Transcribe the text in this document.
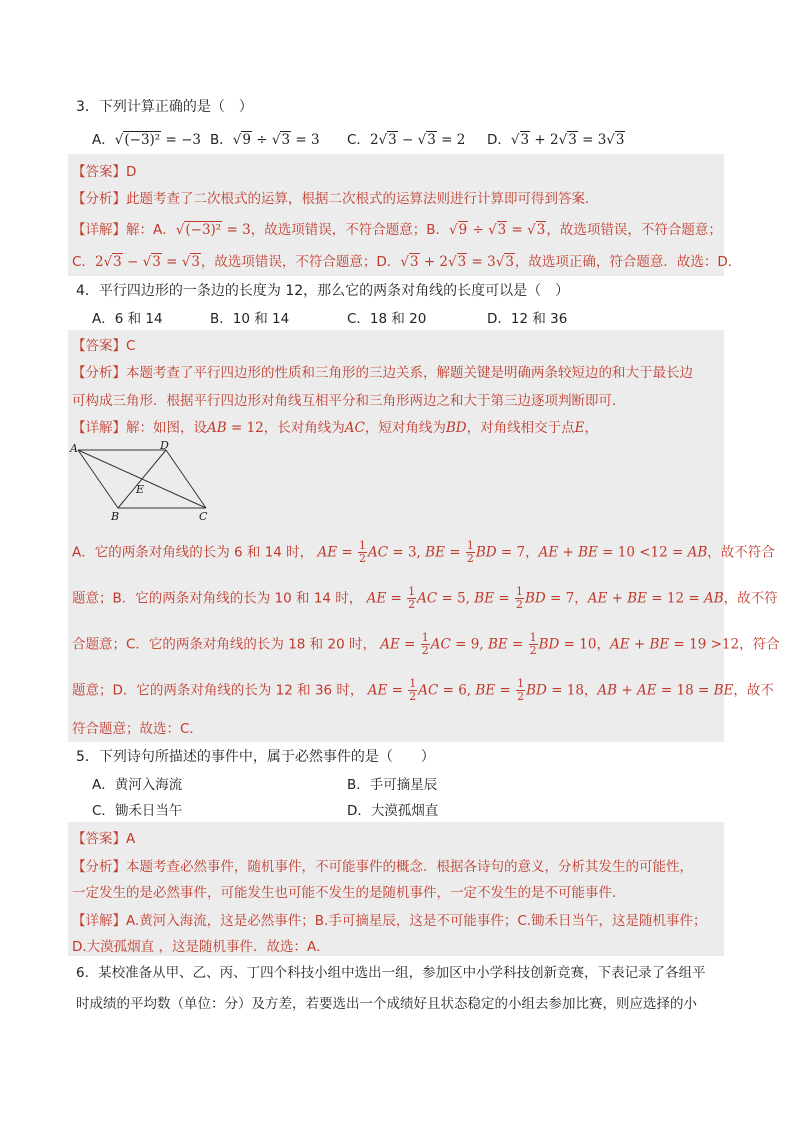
3．下列计算正确的是（　）
A．√(−3)² = −3 B．√9 ÷ √3 = 3 C．2√3 − √3 = 2 D．√3 + 2√3 = 3√3
【答案】D
【分析】此题考查了二次根式的运算，根据二次根式的运算法则进行计算即可得到答案．
【详解】解：A．√(−3)² = 3，故选项错误，不符合题意；B．√9 ÷ √3 = √3，故选项错误，不符合题意；
C．2√3 − √3 = √3，故选项错误，不符合题意；D．√3 + 2√3 = 3√3，故选项正确，符合题意．故选：D．
4．平行四边形的一条边的长度为 12，那么它的两条对角线的长度可以是（　）
A．6 和 14	B．10 和 14	C．18 和 20	D．12 和 36
【答案】C
【分析】本题考查了平行四边形的性质和三角形的三边关系，解题关键是明确两条较短边的和大于最长边
可构成三角形．根据平行四边形对角线互相平分和三角形两边之和大于第三边逐项判断即可．
【详解】解：如图，设AB = 12，长对角线为AC，短对角线为BD，对角线相交于点E，
A	D
E
B	C
A．它的两条对角线的长为 6 和 14 时， AE = $\frac{1}{2}$ AC = 3, BE = $\frac{1}{2}$ BD = 7，AE + BE = 10 <12 = AB，故不符合
题意；B．它的两条对角线的长为 10 和 14 时， AE = $\frac{1}{2}$ AC = 5, BE = $\frac{1}{2}$ BD = 7，AE + BE = 12 = AB，故不符
合题意；C．它的两条对角线的长为 18 和 20 时， AE = $\frac{1}{2}$ AC = 9, BE = $\frac{1}{2}$ BD = 10，AE + BE = 19 >12，符合
题意；D．它的两条对角线的长为 12 和 36 时， AE = $\frac{1}{2}$ AC = 6, BE = $\frac{1}{2}$ BD = 18，AB + AE = 18 = BE，故不
符合题意；故选：C．
5．下列诗句所描述的事件中，属于必然事件的是（　　）
A．黄河入海流	B．手可摘星辰
C．锄禾日当午	D．大漠孤烟直
【答案】A
【分析】本题考查必然事件，随机事件，不可能事件的概念．根据各诗句的意义，分析其发生的可能性，
一定发生的是必然事件，可能发生也可能不发生的是随机事件，一定不发生的是不可能事件．
【详解】A.黄河入海流，这是必然事件；B.手可摘星辰，这是不可能事件；C.锄禾日当午，这是随机事件；
D.大漠孤烟直 ，这是随机事件．故选：A．
6．某校准备从甲、乙、丙、丁四个科技小组中选出一组，参加区中小学科技创新竞赛，下表记录了各组平
时成绩的平均数（单位：分）及方差，若要选出一个成绩好且状态稳定的小组去参加比赛，则应选择的小
